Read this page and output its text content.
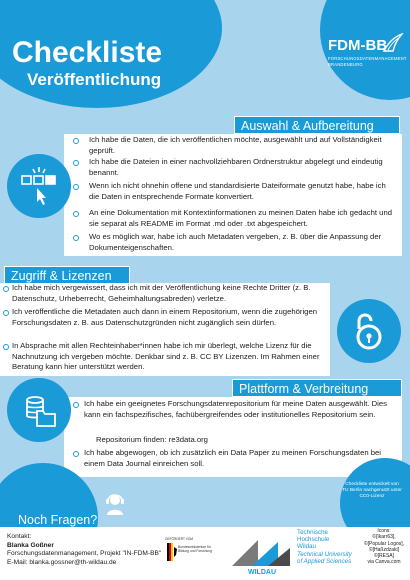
Checkliste
Veröffentlichung
FDM-BB
FORSCHUNGSDATENMANAGEMENT BRANDENBURG
Auswahl & Aufbereitung
Ich habe die Daten, die ich veröffentlichen möchte, ausgewählt und auf Vollständigkeit geprüft.
Ich habe die Dateien in einer nachvollziehbaren Ordnerstruktur abgelegt und eindeutig benannt.
Wenn ich nicht ohnehin offene und standardisierte Dateiformate genutzt habe, habe ich die Daten in entsprechende Formate konvertiert.
An eine Dokumentation mit Kontextinformationen zu meinen Daten habe ich gedacht und sie separat als README im Format .md oder .txt abgespeichert.
Wo es möglich war, habe ich auch Metadaten vergeben, z. B. über die Anpassung der Dokumenteigenschaften.
Zugriff & Lizenzen
Ich habe mich vergewissert, dass ich mit der Veröffentlichung keine Rechte Dritter (z. B. Datenschutz, Urheberrecht, Geheimhaltungsabreden) verletze.
Ich veröffentliche die Metadaten auch dann in einem Repositorium, wenn die zugehörigen Forschungsdaten z. B. aus Datenschutzgründen nicht zugänglich sein dürfen.
In Absprache mit allen Rechteinhaber*innen habe ich mir überlegt, welche Lizenz für die Nachnutzung ich vergeben möchte. Denkbar sind z. B. CC BY Lizenzen. Im Rahmen einer Beratung kann hier unterstützt werden.
Plattform & Verbreitung
Ich habe ein geeignetes Forschungsdatenrepositorium für meine Daten ausgewählt. Dies kann ein fachspezifisches, fachübergreifendes oder institutionelles Repositorium sein.
Repositorium finden: re3data.org
Ich habe abgewogen, ob ich zusätzlich ein Data Paper zu meinen Forschungsdaten bei einem Data Journal einreichen soll.
Noch Fragen?
Checkliste entwickelt von TU Berlin nachgenutzt unter CC0-Lizenz
Kontakt:
Blanka Goßner
Forschungsdatenmanagement, Projekt "IN-FDM-BB"
E-Mail: blanka.gossner@th-wildau.de
GEFÖRDERT VOM
Bundesministerium für Bildung und Forschung
WILDAU
Technische
Hochschule
Wildau
Technical University
of Applied Sciences
Icons:
©[Ikarr63],
©[Popular Logos],
©[Haßzdzaki]
©[RESA]
via Canva.com
